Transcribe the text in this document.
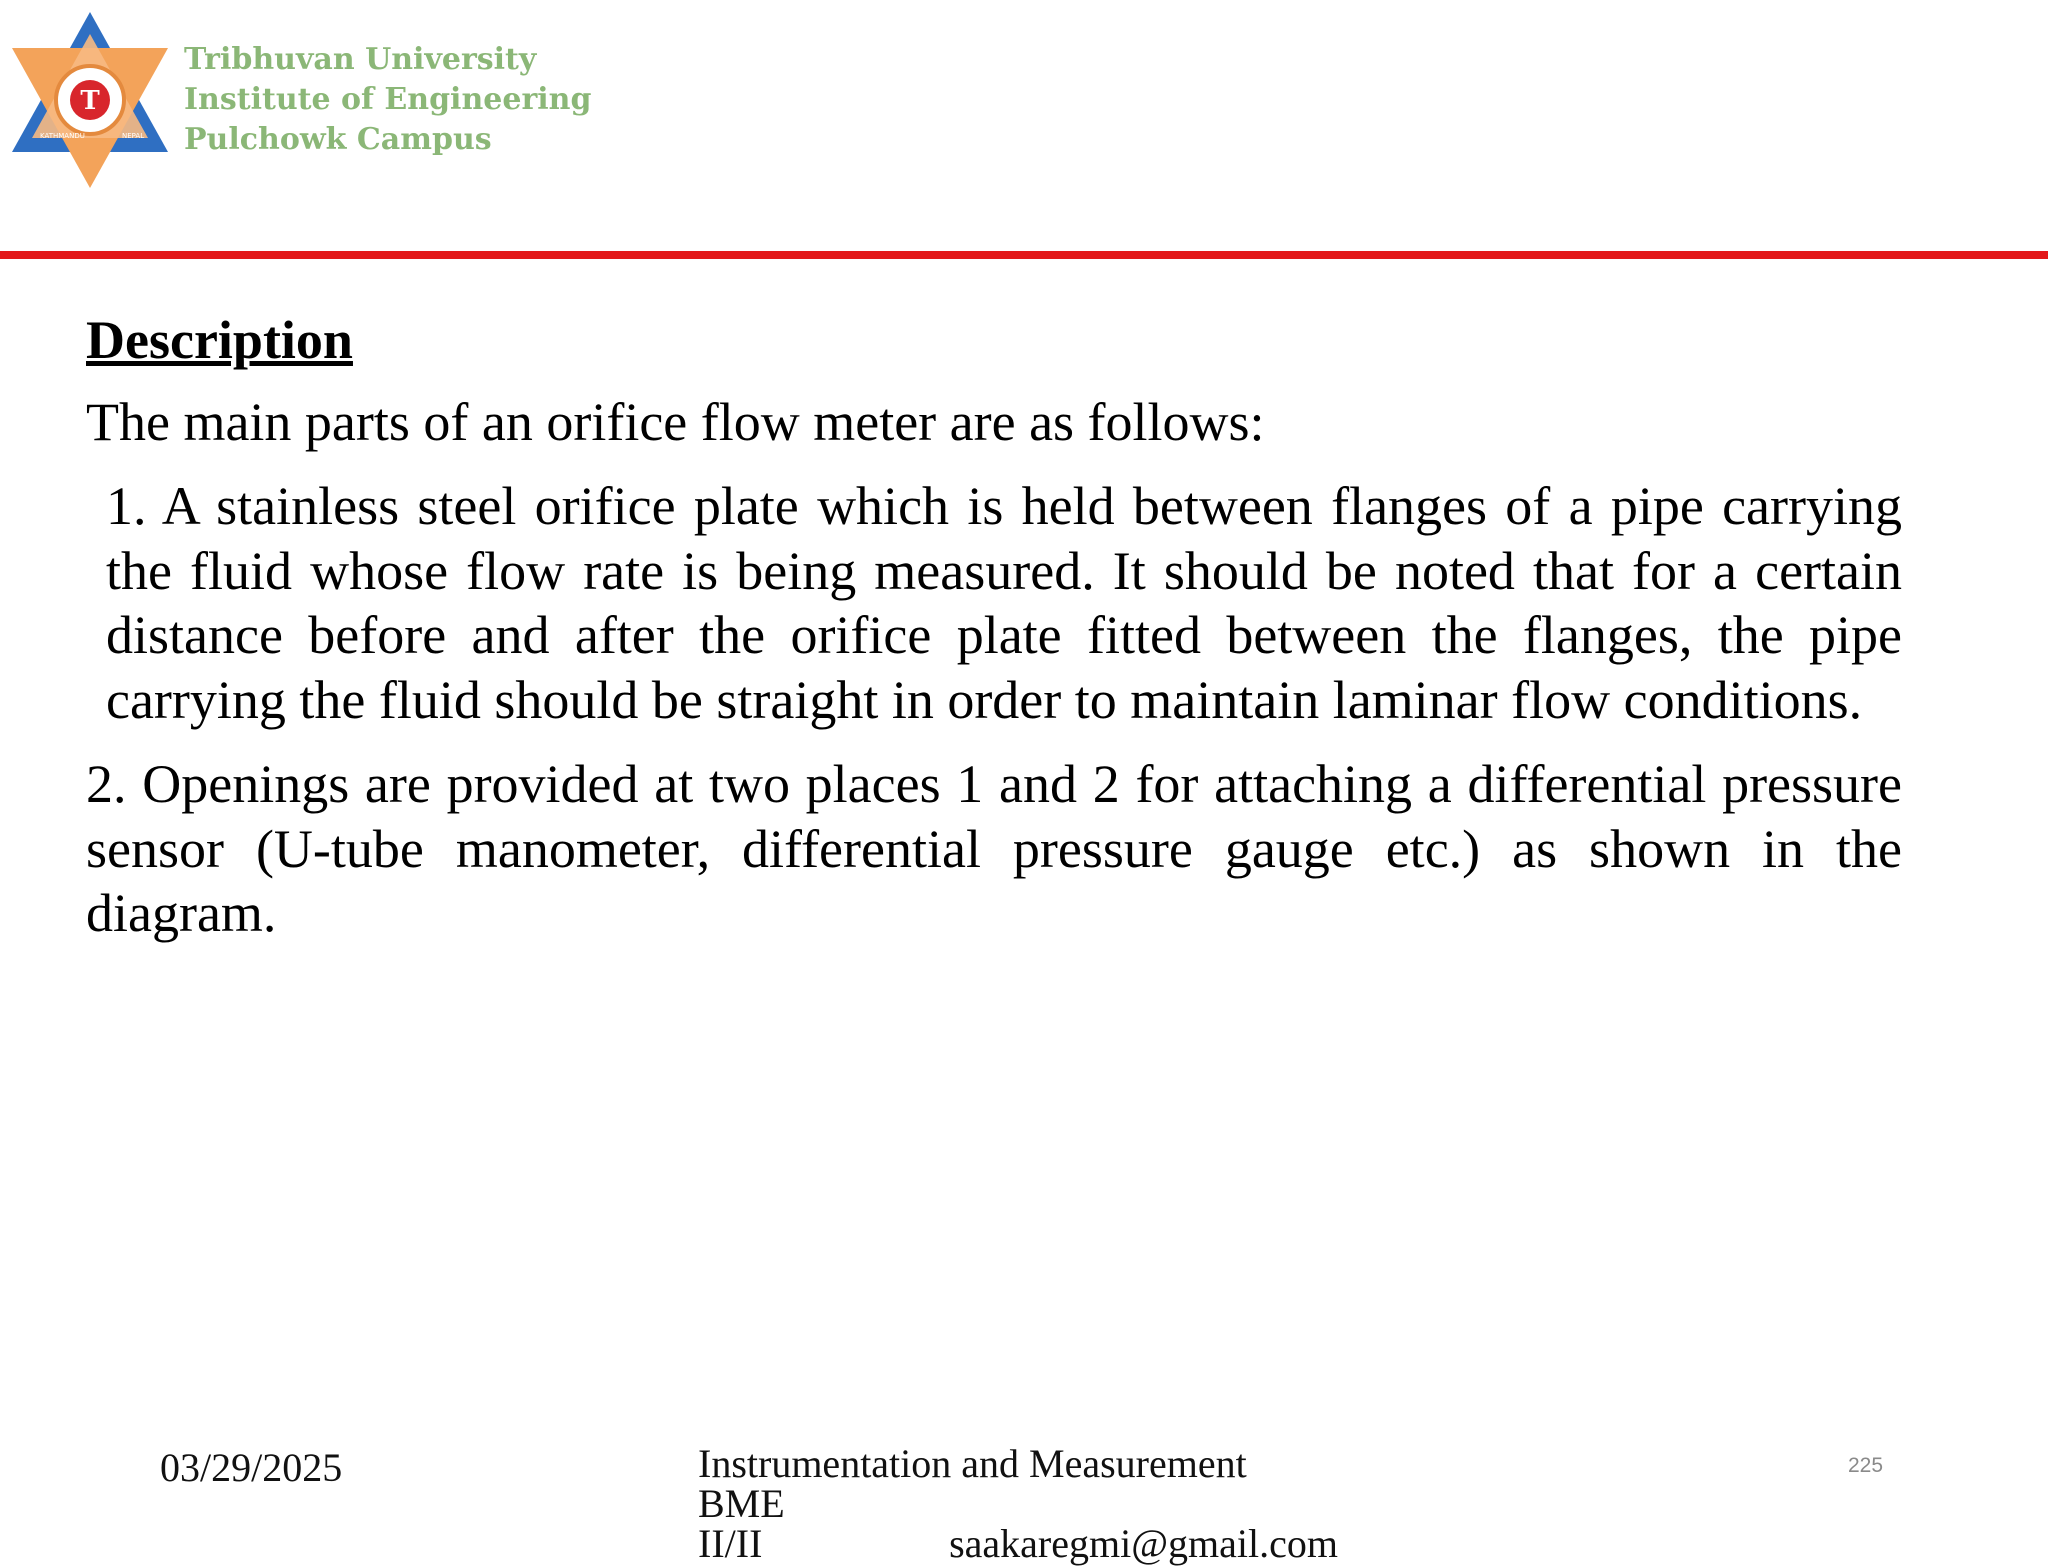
T
KATHMANDU	NEPAL
Tribhuvan University
Institute of Engineering
Pulchowk Campus
Description
The main parts of an orifice flow meter are as follows:
1. A stainless steel orifice plate which is held between flanges of a pipe carrying the fluid whose flow rate is being measured. It should be noted that for a certain distance before and after the orifice plate fitted between the flanges, the pipe carrying the fluid should be straight in order to maintain laminar flow conditions.
2. Openings are provided at two places 1 and 2 for attaching a differential pressure sensor (U-tube manometer, differential pressure gauge etc.) as shown in the diagram.
03/29/2025	Instrumentation and Measurement BME
II/II	saakaregmi@gmail.com
225
